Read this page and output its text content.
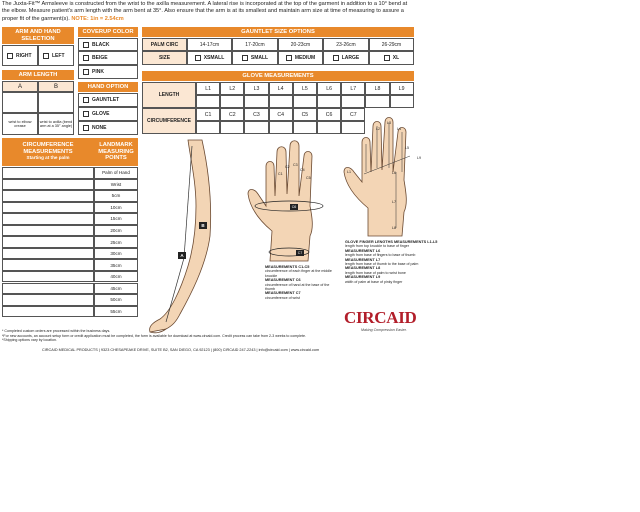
The Juxta-Fit™ Armsleeve is constructed from the wrist to the axilla measurement. A lateral rise is incorporated at the top of the garment in addition to a 10° bend at the elbow. Measure patient's arm length with the arm bent at 35°. Also ensure that the arm is at its smallest and maintain arm size at time of measuring to assure a proper fit of the garment(s). NOTE: 1in = 2.54cm
ARM AND HAND SELECTION
RIGHT	LEFT
COVERUP COLOR
BLACK
BEIGE
PINK
ARM LENGTH
A	B
wrist to elbow crease
wrist to axilla (bend arm at a 35° angle)
HAND OPTION
GAUNTLET
GLOVE
NONE
GAUNTLET SIZE OPTIONS
PALM CIRC
SIZE
14-17cm	17-20cm	20-23cm	23-26cm	26-29cm
XSMALL	SMALL	MEDIUM	LARGE	XL
GLOVE MEASUREMENTS
LENGTH
CIRCUMFERENCE
L1	L2	L3	L4	L5	L6	L7	L8	L9
C1	C2	C3	C4	C5	C6	C7
CIRCUMFERENCE MEASUREMENTS
Starting at the palm
LANDMARK MEASURING POINTS
Palm of Hand
Wrist
5cm
10cm
15cm
20cm
25cm
30cm
35cm
40cm
45cm
50cm
55cm
B
A
C1
C2 C3
C4
C5
C6
C7
L1
L2
L3
L4
L5
L6
L7
L8
L9
MEASUREMENTS C1-C5
circumference of each finger at the middle knuckle
MEASUREMENT C6
circumference of hand at the base of the thumb
MEASUREMENT C7
circumference of wrist
GLOVE FINGER LENGTHS MEASUREMENTS L1-L5
length from top knuckle to base of finger
MEASUREMENT L6
length from base of fingers to base of thumb
MEASUREMENT L7
length from base of thumb to the base of palm
MEASUREMENT L8
length from base of palm to wrist bone
MEASUREMENT L9
width of palm at base of pinky finger
CIRCAID
Making Compression Easier.
* Completed custom orders are processed within the business days.
*For new accounts, an account setup form or credit application must be completed, the form is available for download at www.circaid.com. Credit process can take from 2-3 weeks to complete.
*Shipping options vary by location.
CIRCAID MEDICAL PRODUCTS | 9323 CHESAPEAKE DRIVE, SUITE B2, SAN DIEGO, CA 92123 | (800) CIRCAID 247-2243 | info@circaid.com | www.circaid.com
